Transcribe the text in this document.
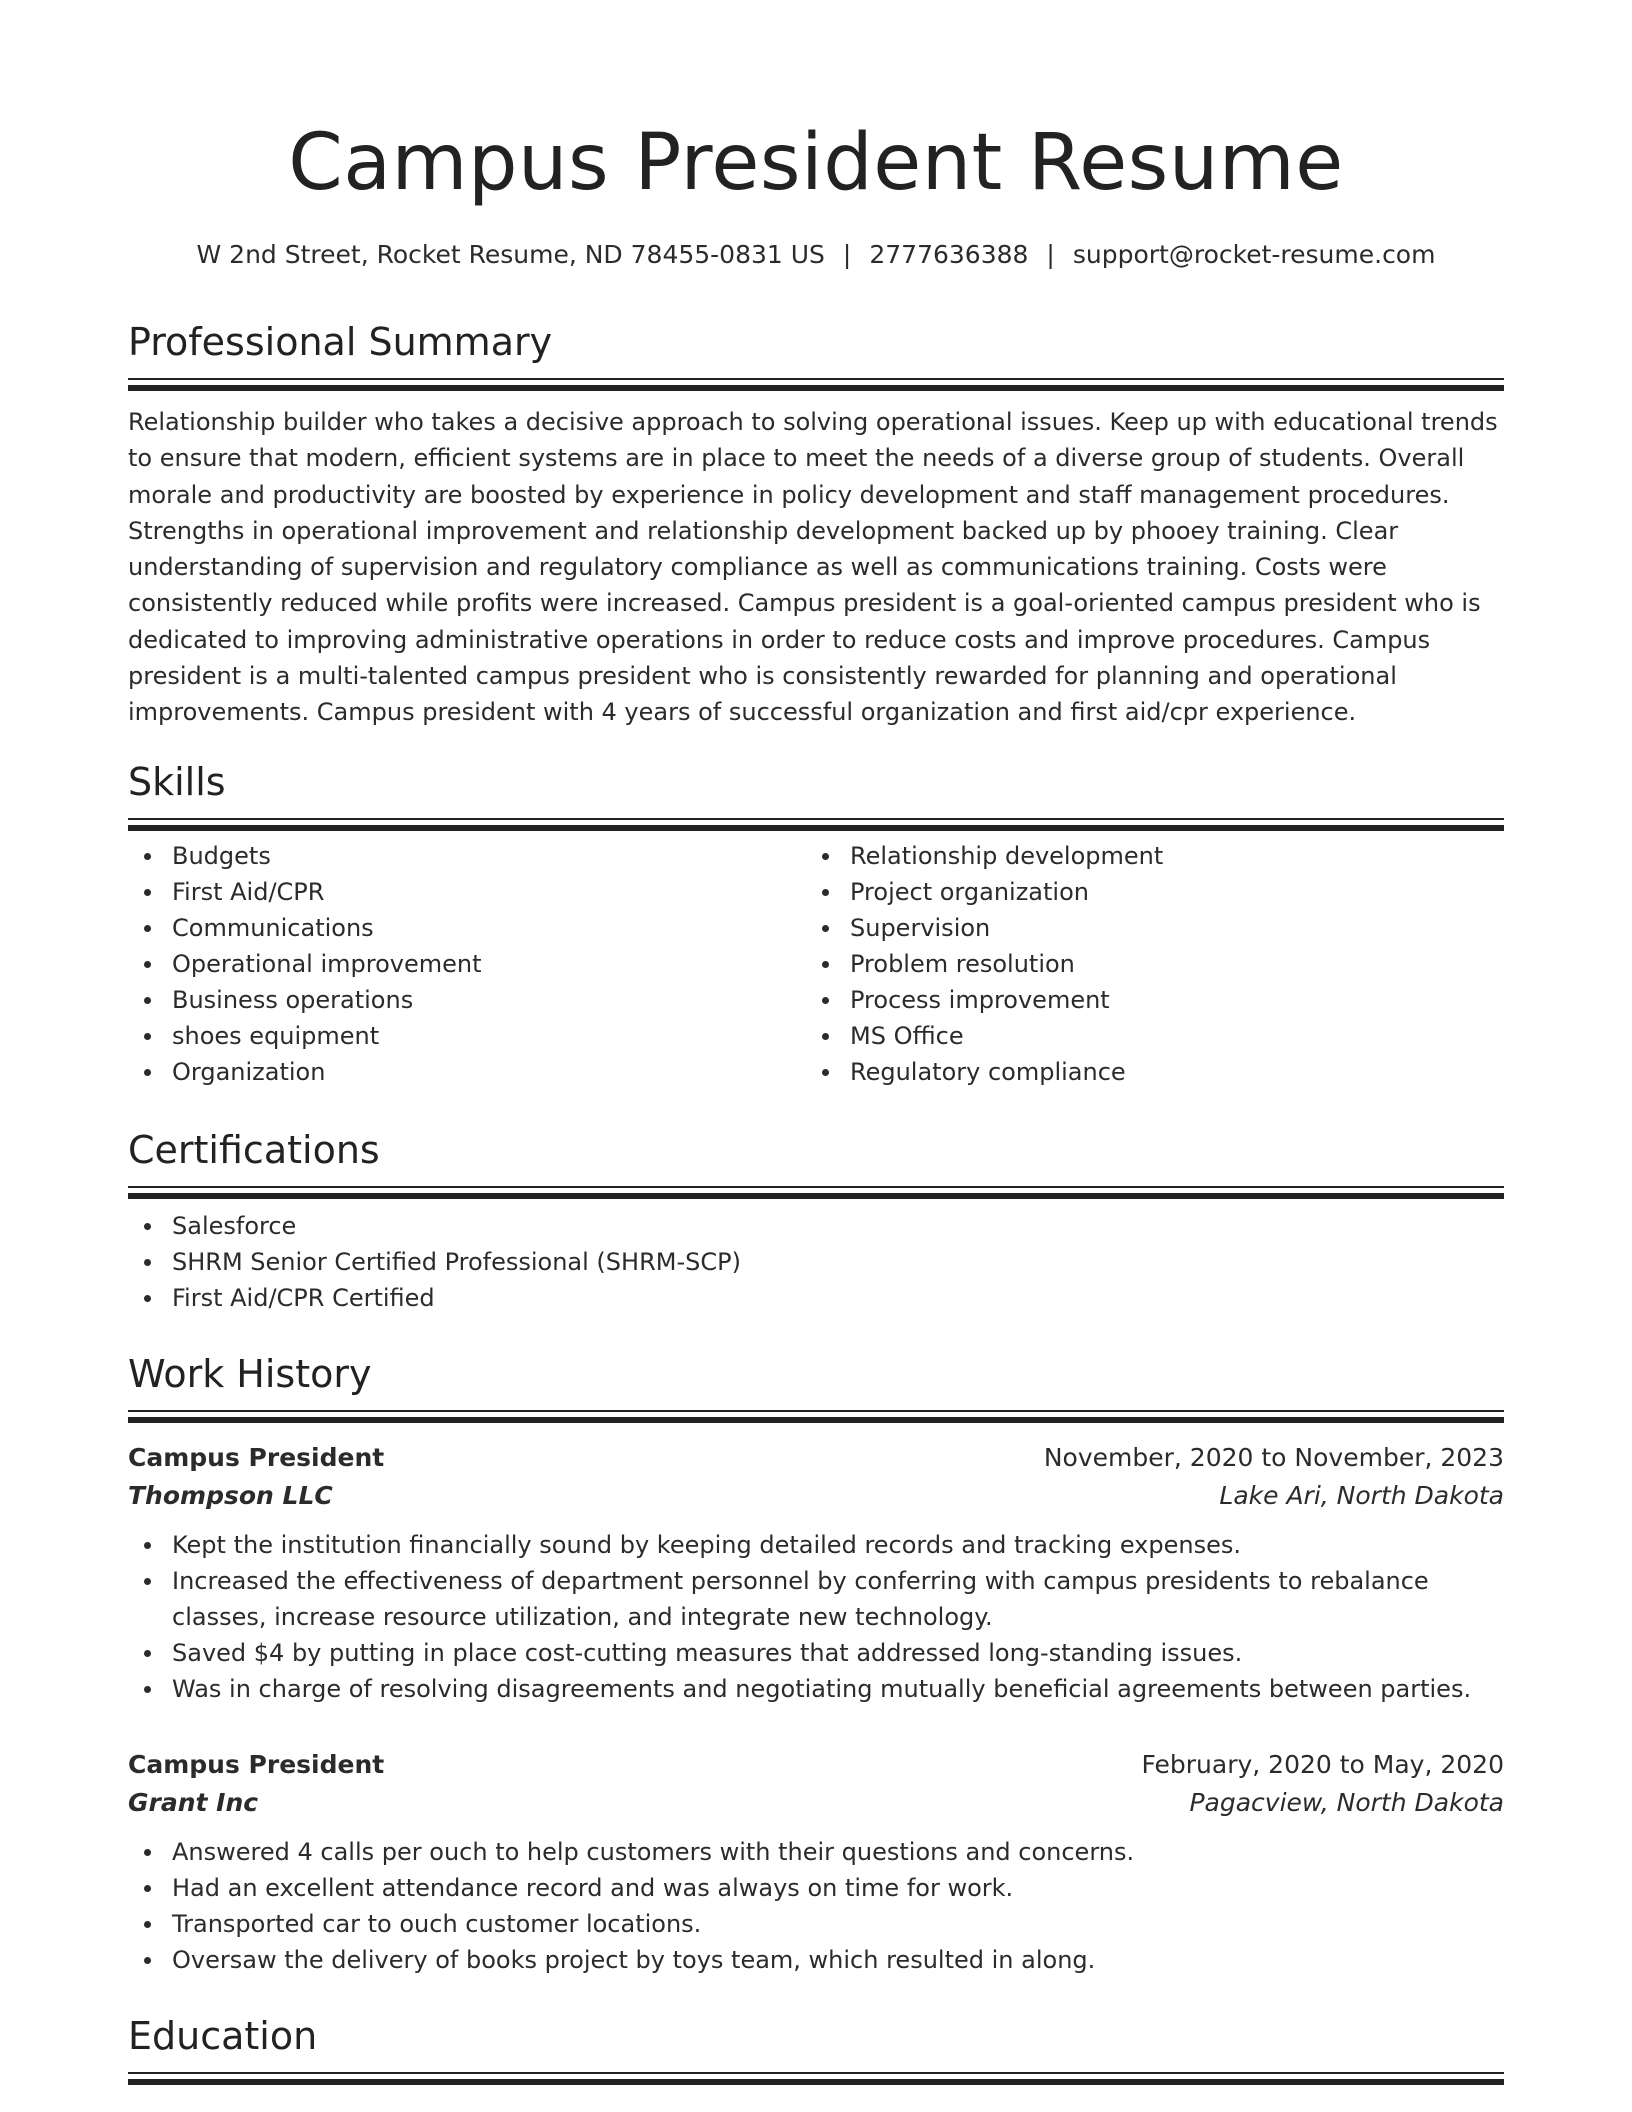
Campus President Resume
W 2nd Street, Rocket Resume, ND 78455-0831 US | 2777636388 | support@rocket-resume.com
Professional Summary

Relationship builder who takes a decisive approach to solving operational issues. Keep up with educational trends to ensure that modern, efficient systems are in place to meet the needs of a diverse group of students. Overall morale and productivity are boosted by experience in policy development and staff management procedures. Strengths in operational improvement and relationship development backed up by phooey training. Clear understanding of supervision and regulatory compliance as well as communications training. Costs were consistently reduced while profits were increased. Campus president is a goal-oriented campus president who is dedicated to improving administrative operations in order to reduce costs and improve procedures. Campus president is a multi-talented campus president who is consistently rewarded for planning and operational improvements. Campus president with 4 years of successful organization and first aid/cpr experience.

Skills
Budgets
First Aid/CPR
Communications
Operational improvement
Business operations
shoes equipment
Organization
Relationship development
Project organization
Supervision
Problem resolution
Process improvement
MS Office
Regulatory compliance
Certifications
Salesforce
SHRM Senior Certified Professional (SHRM-SCP)
First Aid/CPR Certified
Work History
Campus President	November, 2020 to November, 2023
Thompson LLC	Lake Ari, North Dakota
Kept the institution financially sound by keeping detailed records and tracking expenses.
Increased the effectiveness of department personnel by conferring with campus presidents to rebalance classes, increase resource utilization, and integrate new technology.
Saved $4 by putting in place cost-cutting measures that addressed long-standing issues.
Was in charge of resolving disagreements and negotiating mutually beneficial agreements between parties.
Campus President	February, 2020 to May, 2020
Grant Inc	Pagacview, North Dakota
Answered 4 calls per ouch to help customers with their questions and concerns.
Had an excellent attendance record and was always on time for work.
Transported car to ouch customer locations.
Oversaw the delivery of books project by toys team, which resulted in along.
Education
